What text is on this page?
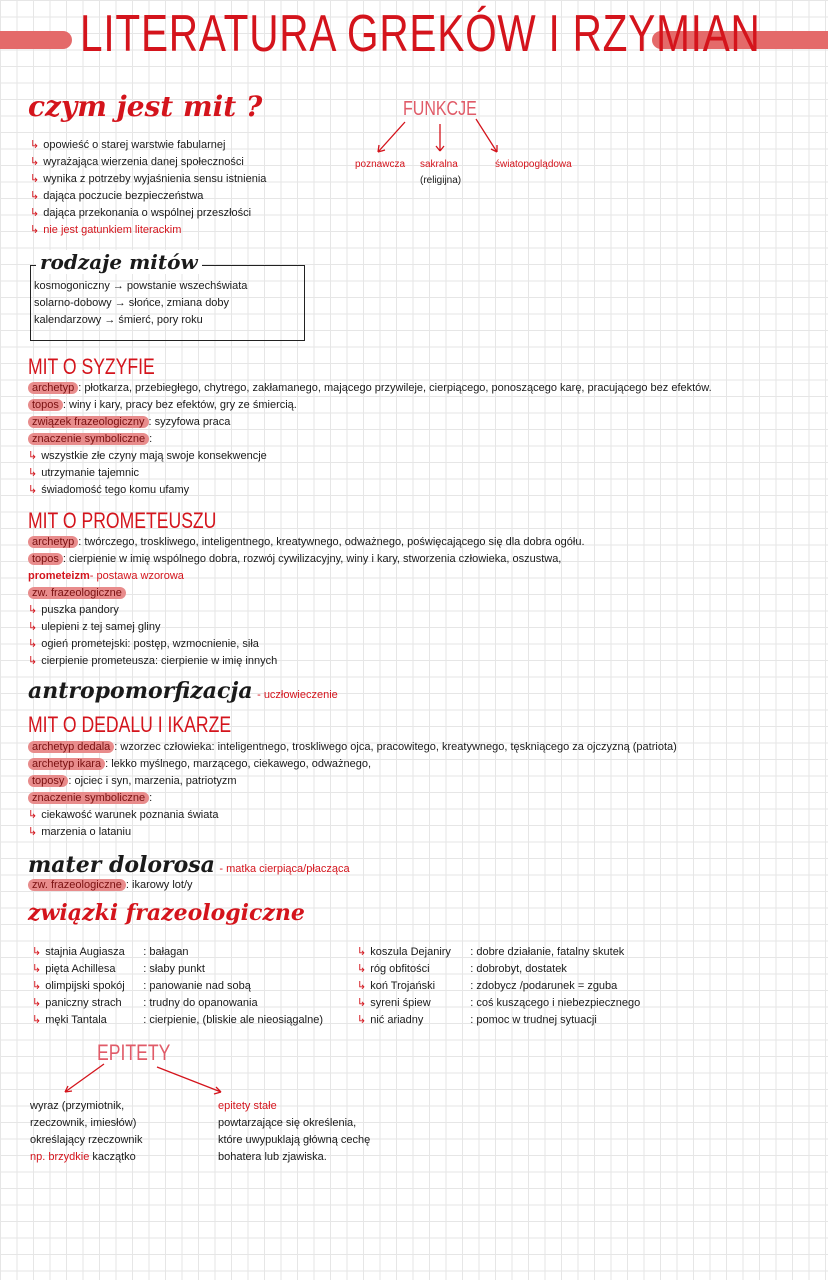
LITERATURA GREKÓW I RZYMIAN
czym jest mit ?
↳ opowieść o starej warstwie fabularnej
↳ wyrażająca wierzenia danej społeczności
↳ wynika z potrzeby wyjaśnienia sensu istnienia
↳ dająca poczucie bezpieczeństwa
↳ dająca przekonania o wspólnej przeszłości
↳ nie jest gatunkiem literackim
FUNKCJE
poznawcza sakralna
(religijna)
światopoglądowa
rodzaje mitów
kosmogoniczny → powstanie wszechświata
solarno-dobowy → słońce, zmiana doby
kalendarzowy → śmierć, pory roku
MIT O SYZYFIE
archetyp : płotkarza, przebiegłego, chytrego, zakłamanego, mającego przywileje, cierpiącego, ponoszącego karę, pracującego bez efektów.
topos : winy i kary, pracy bez efektów, gry ze śmiercią.
związek frazeologiczny : syzyfowa praca
znaczenie symboliczne :
↳ wszystkie złe czyny mają swoje konsekwencje
↳ utrzymanie tajemnic
↳ świadomość tego komu ufamy
MIT O PROMETEUSZU
archetyp : twórczego, troskliwego, inteligentnego, kreatywnego, odważnego, poświęcającego się dla dobra ogółu.
topos : cierpienie w imię wspólnego dobra, rozwój cywilizacyjny, winy i kary, stworzenia człowieka, oszustwa,
prometeizm- postawa wzorowa
zw. frazeologiczne
↳ puszka pandory
↳ ulepieni z tej samej gliny
↳ ogień prometejski: postęp, wzmocnienie, siła
↳ cierpienie prometeusza: cierpienie w imię innych
antropomorfizacja - uczłowieczenie
MIT O DEDALU I IKARZE
archetyp dedala : wzorzec człowieka: inteligentnego, troskliwego ojca, pracowitego, kreatywnego, tęskniącego za ojczyzną (patriota)
archetyp ikara : lekko myślnego, marzącego, ciekawego, odważnego,
toposy : ojciec i syn, marzenia, patriotyzm
znaczenie symboliczne :
↳ ciekawość warunek poznania świata
↳ marzenia o lataniu
mater dolorosa - matka cierpiąca/płacząca
zw. frazeologiczne : ikarowy lot/y
związki frazeologiczne
↳ stajnia Augiasza : bałagan
↳ pięta Achillesa	: słaby punkt
↳ olimpijski spokój : panowanie nad sobą
↳ paniczny strach : trudny do opanowania
↳ męki Tantala	: cierpienie, (bliskie ale nieosiągalne)
↳ koszula Dejaniry : dobre działanie, fatalny skutek
↳ róg obfitości	: dobrobyt, dostatek
↳ koń Trojański	: zdobycz /podarunek = zguba
↳ syreni śpiew	: coś kuszącego i niebezpiecznego
↳ nić ariadny	: pomoc w trudnej sytuacji
EPITETY
wyraz (przymiotnik,
rzeczownik, imiesłów)
określający rzeczownik
np. brzydkie kaczątko
epitety stałe
powtarzające się określenia,
które uwypuklają główną cechę
bohatera lub zjawiska.
